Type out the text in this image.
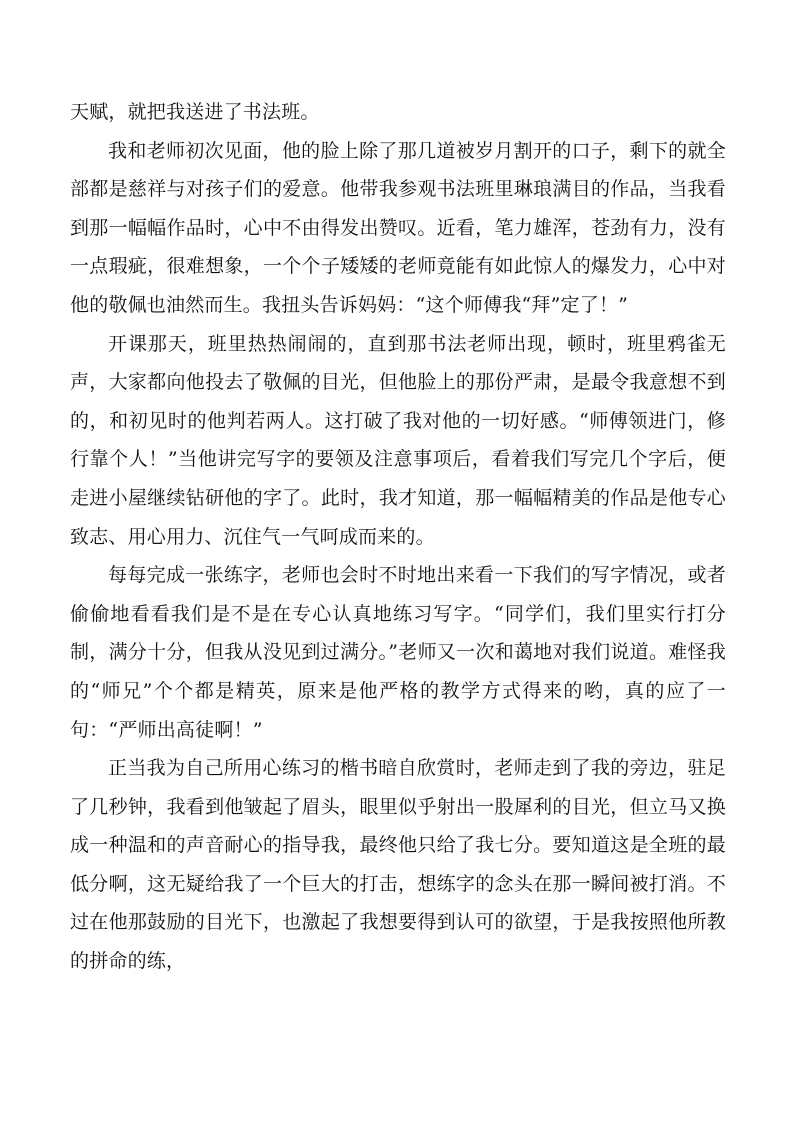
天赋，就把我送进了书法班。

我和老师初次见面，他的脸上除了那几道被岁月割开的口子，剩下的就全部都是慈祥与对孩子们的爱意。他带我参观书法班里琳琅满目的作品，当我看到那一幅幅作品时，心中不由得发出赞叹。近看，笔力雄浑，苍劲有力，没有一点瑕疵，很难想象，一个个子矮矮的老师竟能有如此惊人的爆发力，心中对他的敬佩也油然而生。我扭头告诉妈妈：“这个师傅我“拜”定了！”

开课那天，班里热热闹闹的，直到那书法老师出现，顿时，班里鸦雀无声，大家都向他投去了敬佩的目光，但他脸上的那份严肃，是最令我意想不到的，和初见时的他判若两人。这打破了我对他的一切好感。“师傅领进门，修行靠个人！”当他讲完写字的要领及注意事项后，看着我们写完几个字后，便走进小屋继续钻研他的字了。此时，我才知道，那一幅幅精美的作品是他专心致志、用心用力、沉住气一气呵成而来的。

每每完成一张练字，老师也会时不时地出来看一下我们的写字情况，或者偷偷地看看我们是不是在专心认真地练习写字。“同学们，我们里实行打分制，满分十分，但我从没见到过满分。”老师又一次和蔼地对我们说道。难怪我的“师兄”个个都是精英，原来是他严格的教学方式得来的哟，真的应了一句：“严师出高徒啊！”

正当我为自己所用心练习的楷书暗自欣赏时，老师走到了我的旁边，驻足了几秒钟，我看到他皱起了眉头，眼里似乎射出一股犀利的目光，但立马又换成一种温和的声音耐心的指导我，最终他只给了我七分。要知道这是全班的最低分啊，这无疑给我了一个巨大的打击，想练字的念头在那一瞬间被打消。不过在他那鼓励的目光下，也激起了我想要得到认可的欲望，于是我按照他所教的拼命的练，
